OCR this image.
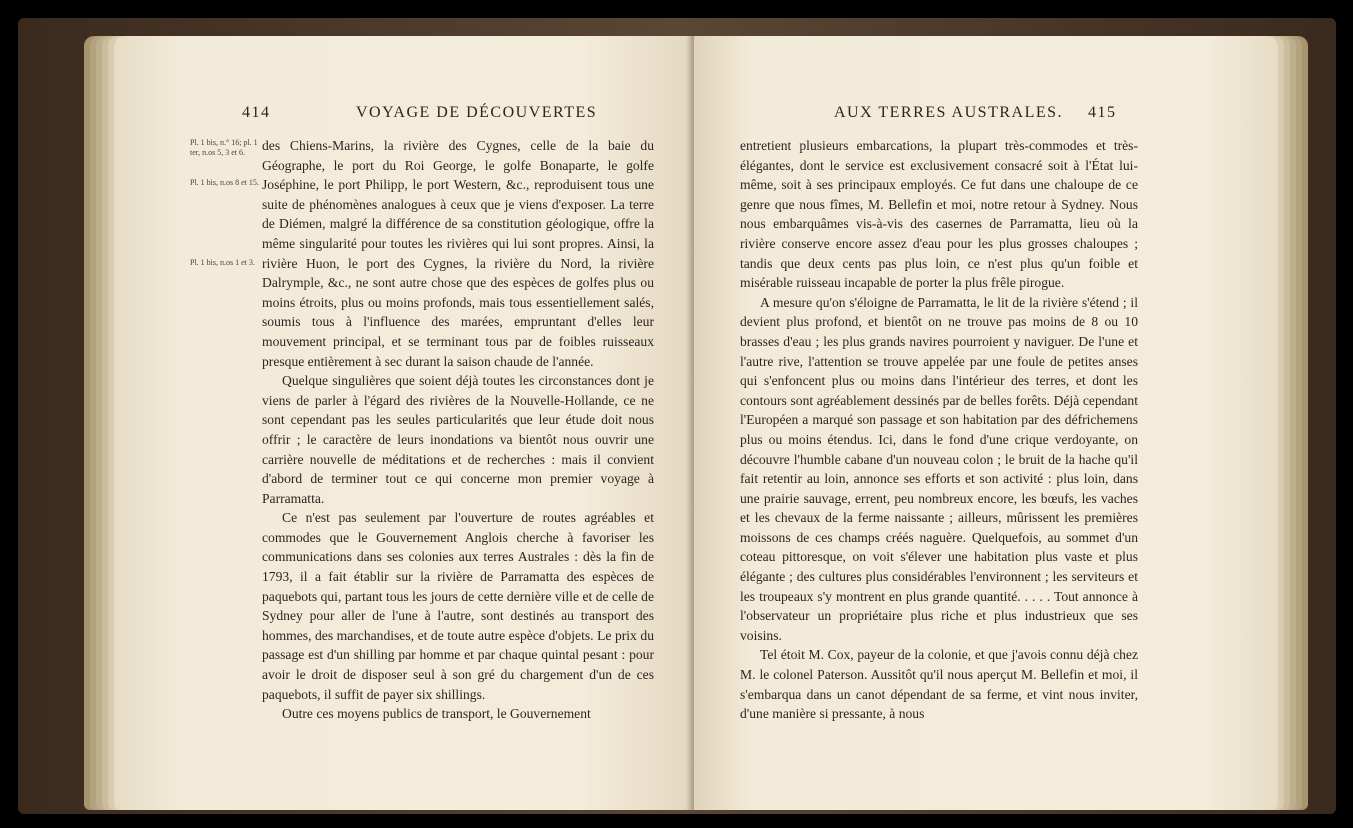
414	VOYAGE DE DÉCOUVERTES
Pl. 1 bis, n.° 16; pl. 1 ter, n.os 5, 3 et 6.
Pl. 1 bis, n.os 8 et 15.
Pl. 1 bis, n.os 1 et 3.

des Chiens-Marins, la rivière des Cygnes, celle de la baie du Géographe, le port du Roi George, le golfe Bonaparte, le golfe Joséphine, le port Philipp, le port Western, &c., reproduisent tous une suite de phénomènes analogues à ceux que je viens d'exposer. La terre de Diémen, malgré la différence de sa constitution géologique, offre la même singularité pour toutes les rivières qui lui sont propres. Ainsi, la rivière Huon, le port des Cygnes, la rivière du Nord, la rivière Dalrymple, &c., ne sont autre chose que des espèces de golfes plus ou moins étroits, plus ou moins profonds, mais tous essentiellement salés, soumis tous à l'influence des marées, empruntant d'elles leur mouvement principal, et se terminant tous par de foibles ruisseaux presque entièrement à sec durant la saison chaude de l'année.

Quelque singulières que soient déjà toutes les circonstances dont je viens de parler à l'égard des rivières de la Nouvelle-Hollande, ce ne sont cependant pas les seules particularités que leur étude doit nous offrir ; le caractère de leurs inondations va bientôt nous ouvrir une carrière nouvelle de méditations et de recherches : mais il convient d'abord de terminer tout ce qui concerne mon premier voyage à Parramatta.

Ce n'est pas seulement par l'ouverture de routes agréables et commodes que le Gouvernement Anglois cherche à favoriser les communications dans ses colonies aux terres Australes : dès la fin de 1793, il a fait établir sur la rivière de Parramatta des espèces de paquebots qui, partant tous les jours de cette dernière ville et de celle de Sydney pour aller de l'une à l'autre, sont destinés au transport des hommes, des marchandises, et de toute autre espèce d'objets. Le prix du passage est d'un shilling par homme et par chaque quintal pesant : pour avoir le droit de disposer seul à son gré du chargement d'un de ces paquebots, il suffit de payer six shillings.

Outre ces moyens publics de transport, le Gouvernement

AUX TERRES AUSTRALES. 415

entretient plusieurs embarcations, la plupart très-commodes et très-élégantes, dont le service est exclusivement consacré soit à l'État lui-même, soit à ses principaux employés. Ce fut dans une chaloupe de ce genre que nous fîmes, M. Bellefin et moi, notre retour à Sydney. Nous nous embarquâmes vis-à-vis des casernes de Parramatta, lieu où la rivière conserve encore assez d'eau pour les plus grosses chaloupes ; tandis que deux cents pas plus loin, ce n'est plus qu'un foible et misérable ruisseau incapable de porter la plus frêle pirogue.

A mesure qu'on s'éloigne de Parramatta, le lit de la rivière s'étend ; il devient plus profond, et bientôt on ne trouve pas moins de 8 ou 10 brasses d'eau ; les plus grands navires pourroient y naviguer. De l'une et l'autre rive, l'attention se trouve appelée par une foule de petites anses qui s'enfoncent plus ou moins dans l'intérieur des terres, et dont les contours sont agréablement dessinés par de belles forêts. Déjà cependant l'Européen a marqué son passage et son habitation par des défrichemens plus ou moins étendus. Ici, dans le fond d'une crique verdoyante, on découvre l'humble cabane d'un nouveau colon ; le bruit de la hache qu'il fait retentir au loin, annonce ses efforts et son activité : plus loin, dans une prairie sauvage, errent, peu nombreux encore, les bœufs, les vaches et les chevaux de la ferme naissante ; ailleurs, mûrissent les premières moissons de ces champs créés naguère. Quelquefois, au sommet d'un coteau pittoresque, on voit s'élever une habitation plus vaste et plus élégante ; des cultures plus considérables l'environnent ; les serviteurs et les troupeaux s'y montrent en plus grande quantité. . . . . Tout annonce à l'observateur un propriétaire plus riche et plus industrieux que ses voisins.

Tel étoit M. Cox, payeur de la colonie, et que j'avois connu déjà chez M. le colonel Paterson. Aussitôt qu'il nous aperçut M. Bellefin et moi, il s'embarqua dans un canot dépendant de sa ferme, et vint nous inviter, d'une manière si pressante, à nous
